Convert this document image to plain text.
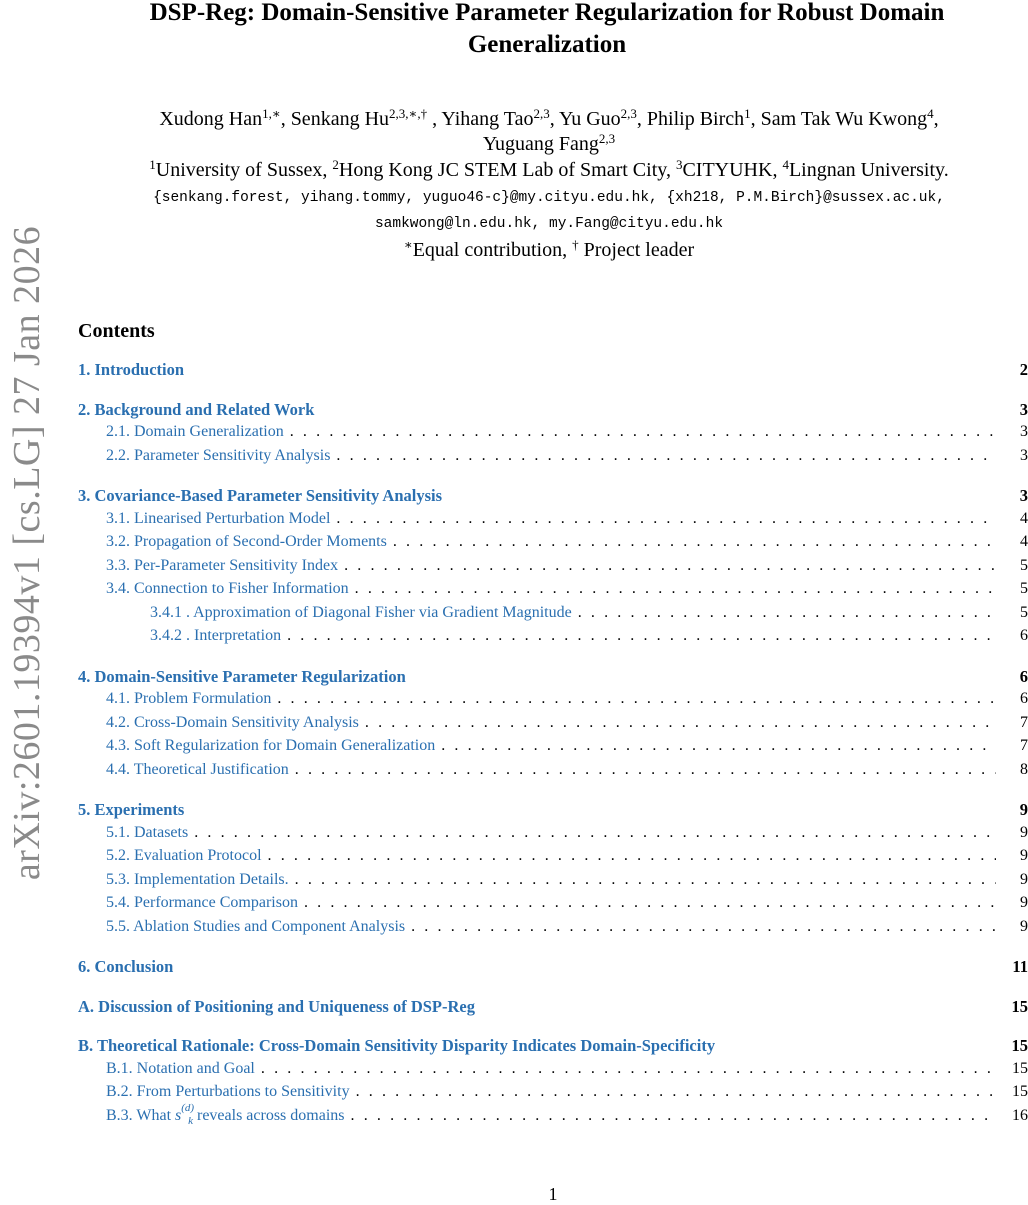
arXiv:2601.19394v1 [cs.LG] 27 Jan 2026
DSP-Reg: Domain-Sensitive Parameter Regularization for Robust Domain
Generalization
Xudong Han$^{1,∗}$, Senkang $Hu^{2,3,∗,\dagger}$ , Yihang Tao$^{2,3}$, Yu Guo$^{2,3}$, Philip Birch$^1$, Sam Tak Wu Kwong$^4$,
Yuguang Fang$^{2,3}$
$^1$University of Sussex, $^2$Hong Kong JC STEM Lab of Smart City, $^3$CITYUHK, $^4$Lingnan University.
{senkang.forest, yihang.tommy, yuguo46-c}@my.cityu.edu.hk, {xh218, P.M.Birch}@sussex.ac.uk,
samkwong@ln.edu.hk, my.Fang@cityu.edu.hk
∗Equal contribution, † Project leader
Contents
1. Introduction	2
2. Background and Related Work	3
2.1. Domain Generalization . . .	3
2.2. Parameter Sensitivity Analysis . . .	3
3. Covariance-Based Parameter Sensitivity Analysis	3
3.1. Linearised Perturbation Model . . .	4
3.2. Propagation of Second-Order Moments . . .	4
3.3. Per-Parameter Sensitivity Index . . .	5
3.4. Connection to Fisher Information . . .	5
3.4.1 . Approximation of Diagonal Fisher via Gradient Magnitude . . .	5
3.4.2 . Interpretation . . .	6
4. Domain-Sensitive Parameter Regularization	6
4.1. Problem Formulation . . .	6
4.2. Cross-Domain Sensitivity Analysis . . .	7
4.3. Soft Regularization for Domain Generalization . . .	7
4.4. Theoretical Justification . . .	8
5. Experiments	9
5.1. Datasets . . .	9
5.2. Evaluation Protocol . . .	9
5.3. Implementation Details. . . .	9
5.4. Performance Comparison . . .	9
5.5. Ablation Studies and Component Analysis . . .	9
6. Conclusion	11
A. Discussion of Positioning and Uniqueness of DSP-Reg	15
B. Theoretical Rationale: Cross-Domain Sensitivity Disparity Indicates Domain-Specificity	15
B.1. Notation and Goal . . .	15
B.2. From Perturbations to Sensitivity . . .	15
B.3. What $s^{(d)}_k$ reveals across domains . . .	16
1
